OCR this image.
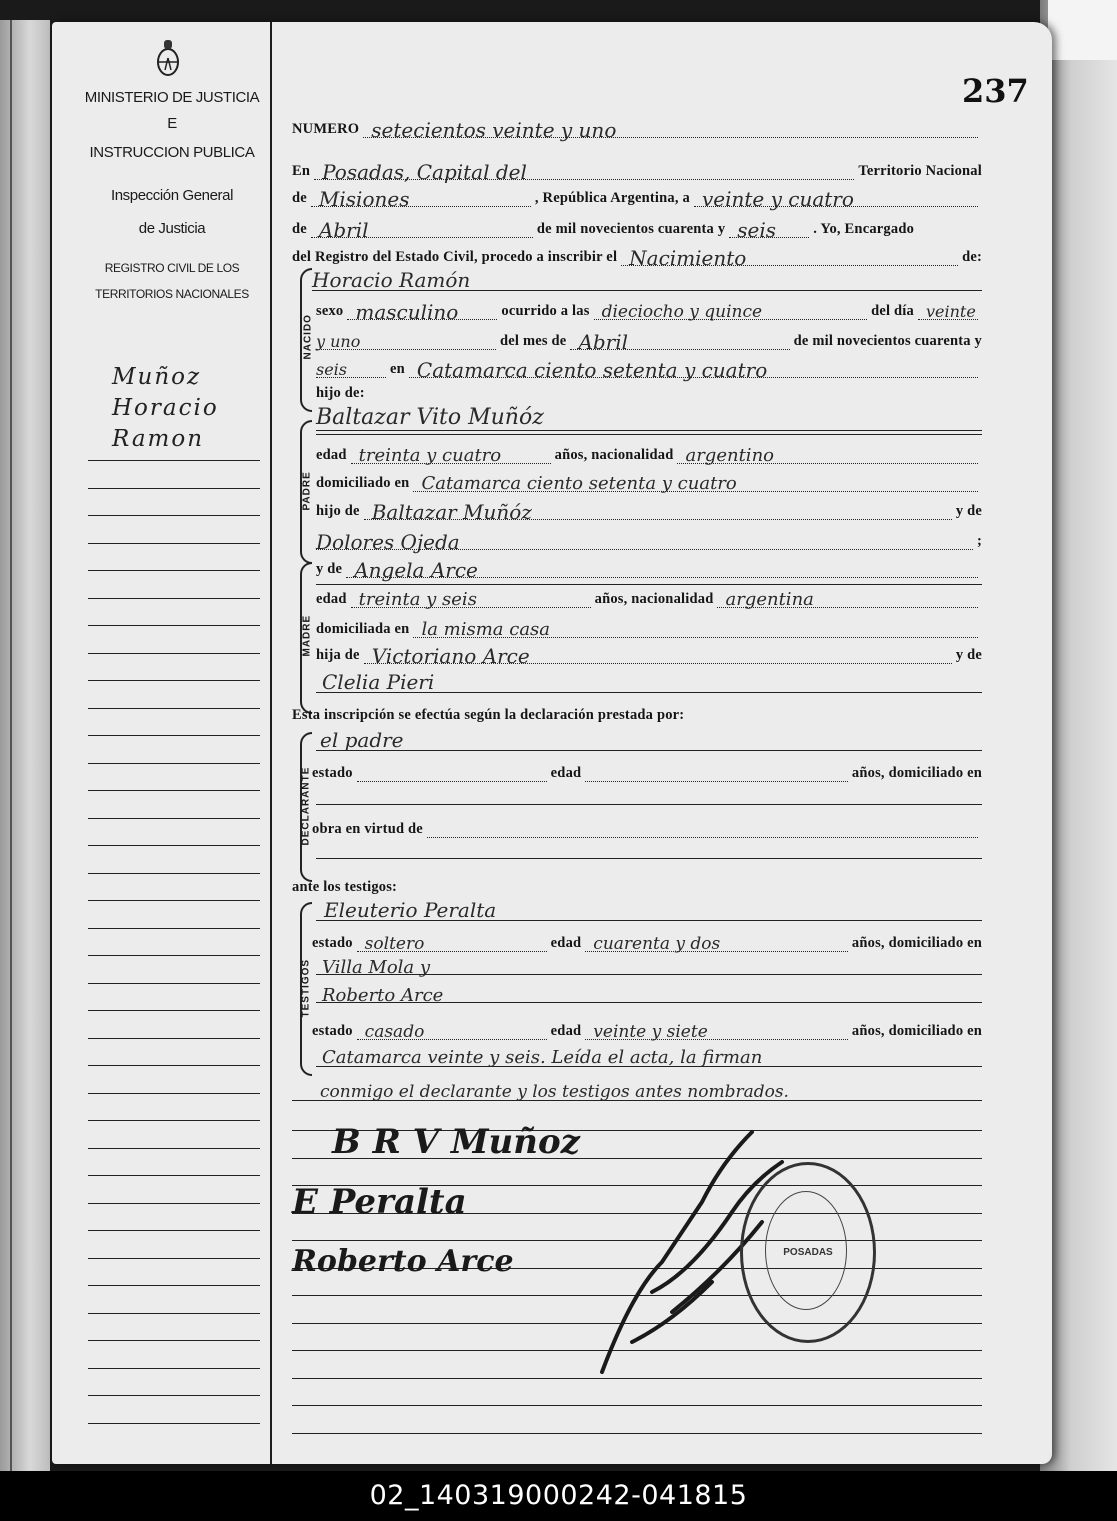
237
MINISTERIO DE JUSTICIA
E
INSTRUCCION PUBLICA
Inspección General
de Justicia
REGISTRO CIVIL DE LOS
TERRITORIOS NACIONALES
Muñoz
Horacio
Ramon
NUMERO setecientos veinte y uno
En Posadas, Capital del	Territorio Nacional
de Misiones	, República Argentina, a veinte y cuatro
de Abril	de mil novecientos cuarenta y seis	. Yo, Encargado
del Registro del Estado Civil, procedo a inscribir el Nacimiento	de:
Horacio Ramón
NACIDO
sexo masculino	ocurrido a las dieciocho y quince	del día veinte
y uno	del mes de Abril	de mil novecientos cuarenta y
seis	en Catamarca ciento setenta y cuatro
hijo de:
PADRE
Baltazar Vito Muñóz
edad treinta y cuatro	años, nacionalidad argentino
domiciliado en Catamarca ciento setenta y cuatro
hijo de Baltazar Muñóz	y de
Dolores Ojeda	;
MADRE
y de Angela Arce
edad treinta y seis	años, nacionalidad argentina
domiciliada en la misma casa
hija de Victoriano Arce	y de
Clelia Pieri
Esta inscripción se efectúa según la declaración prestada por:
DECLARANTE
el padre
estado	edad	años, domiciliado en
obra en virtud de
ante los testigos:
TESTIGOS
Eleuterio Peralta
estado soltero	edad cuarenta y dos	años, domiciliado en
Villa Mola y
Roberto Arce
estado casado	edad veinte y siete	años, domiciliado en
Catamarca veinte y seis. Leída el acta, la firman
conmigo el declarante y los testigos antes nombrados.
B R V Muñoz
E Peralta
Roberto Arce	POSADAS
02_140319000242-041815
